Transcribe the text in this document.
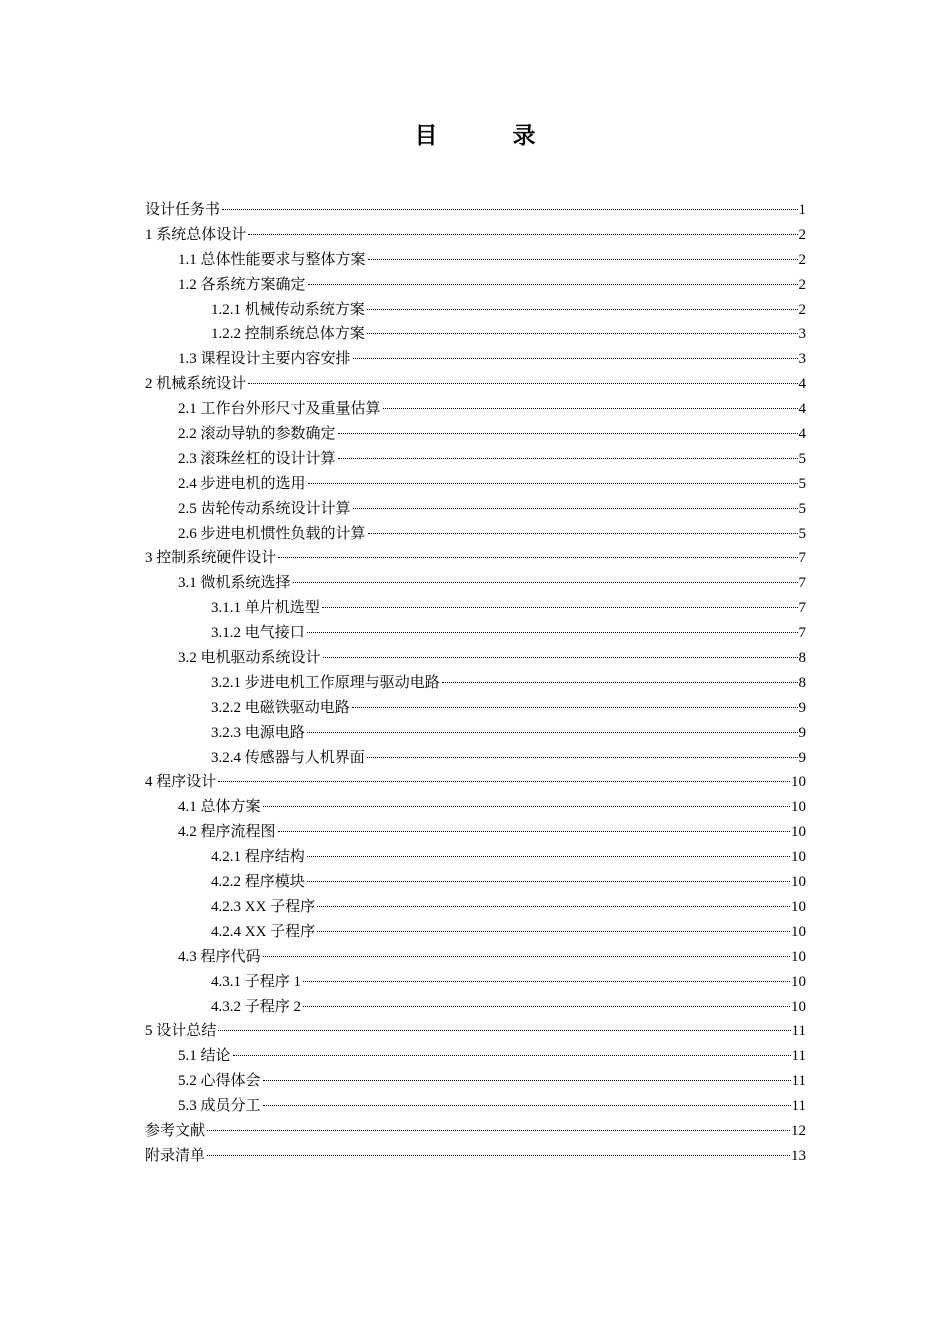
目　录
设计任务书	1
1 系统总体设计	2
1.1 总体性能要求与整体方案	2
1.2 各系统方案确定	2
1.2.1 机械传动系统方案	2
1.2.2 控制系统总体方案	3
1.3 课程设计主要内容安排	3
2 机械系统设计	4
2.1 工作台外形尺寸及重量估算	4
2.2 滚动导轨的参数确定	4
2.3 滚珠丝杠的设计计算	5
2.4 步进电机的选用	5
2.5 齿轮传动系统设计计算	5
2.6 步进电机惯性负载的计算	5
3 控制系统硬件设计	7
3.1 微机系统选择	7
3.1.1 单片机选型	7
3.1.2 电气接口	7
3.2 电机驱动系统设计	8
3.2.1 步进电机工作原理与驱动电路	8
3.2.2 电磁铁驱动电路	9
3.2.3 电源电路	9
3.2.4 传感器与人机界面	9
4 程序设计	10
4.1 总体方案	10
4.2 程序流程图	10
4.2.1 程序结构	10
4.2.2 程序模块	10
4.2.3 XX 子程序	10
4.2.4 XX 子程序	10
4.3 程序代码	10
4.3.1 子程序 1	10
4.3.2 子程序 2	10
5 设计总结	11
5.1 结论	11
5.2 心得体会	11
5.3 成员分工	11
参考文献	12
附录清单	13
